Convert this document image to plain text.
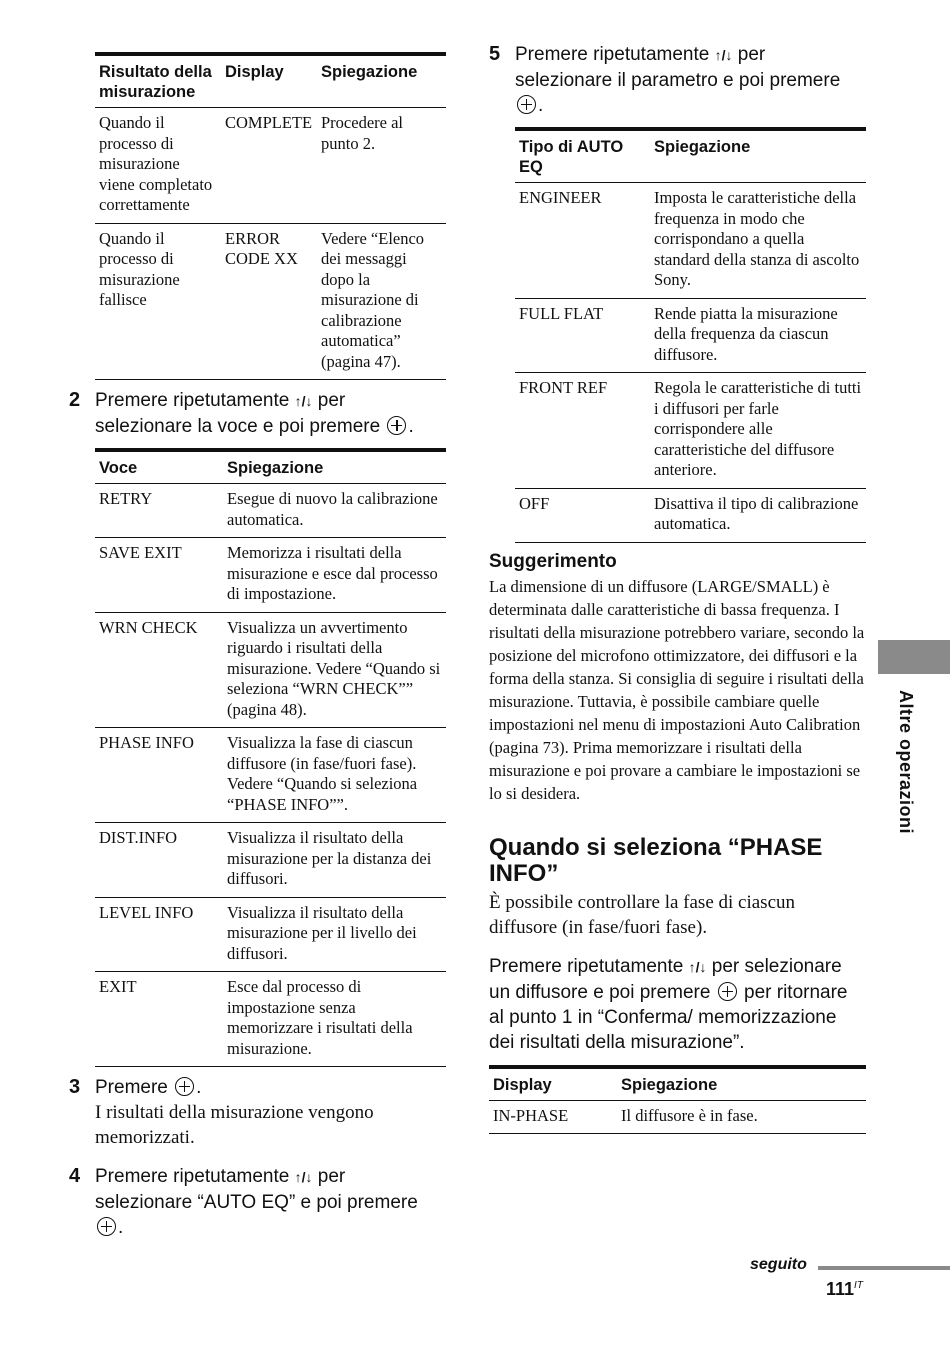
Risultato della misurazione	Display	Spiegazione
Quando il processo di misurazione viene completato correttamente	COMPLETE	Procedere al punto 2.
Quando il processo di misurazione fallisce	ERROR CODE XX	Vedere “Elenco dei messaggi dopo la misurazione di calibrazione automatica” (pagina 47).
2 Premere ripetutamente ↑/↓ per selezionare la voce e poi premere .
Voce	Spiegazione
RETRY	Esegue di nuovo la calibrazione automatica.
SAVE EXIT	Memorizza i risultati della misurazione e esce dal processo di impostazione.
WRN CHECK	Visualizza un avvertimento riguardo i risultati della misurazione. Vedere “Quando si seleziona “WRN CHECK”” (pagina 48).
PHASE INFO	Visualizza la fase di ciascun diffusore (in fase/fuori fase). Vedere “Quando si seleziona “PHASE INFO””.
DIST.INFO	Visualizza il risultato della misurazione per la distanza dei diffusori.
LEVEL INFO	Visualizza il risultato della misurazione per il livello dei diffusori.
EXIT	Esce dal processo di impostazione senza memorizzare i risultati della misurazione.
3 Premere .
I risultati della misurazione vengono memorizzati.
4 Premere ripetutamente ↑/↓ per selezionare “AUTO EQ” e poi premere .
5 Premere ripetutamente ↑/↓ per selezionare il parametro e poi premere .
Tipo di AUTO EQ	Spiegazione
ENGINEER	Imposta le caratteristiche della frequenza in modo che corrispondano a quella standard della stanza di ascolto Sony.
FULL FLAT	Rende piatta la misurazione della frequenza da ciascun diffusore.
FRONT REF	Regola le caratteristiche di tutti i diffusori per farle corrispondere alle caratteristiche del diffusore anteriore.
OFF	Disattiva il tipo di calibrazione automatica.
Suggerimento
La dimensione di un diffusore (LARGE/SMALL) è determinata dalle caratteristiche di bassa frequenza. I risultati della misurazione potrebbero variare, secondo la posizione del microfono ottimizzatore, dei diffusori e la forma della stanza. Si consiglia di seguire i risultati della misurazione. Tuttavia, è possibile cambiare quelle impostazioni nel menu di impostazioni Auto Calibration (pagina 73). Prima memorizzare i risultati della misurazione e poi provare a cambiare le impostazioni se lo si desidera.
Quando si seleziona “PHASE INFO”
È possibile controllare la fase di ciascun diffusore (in fase/fuori fase).
Premere ripetutamente ↑/↓ per selezionare un diffusore e poi premere  per ritornare al punto 1 in “Conferma/ memorizzazione dei risultati della misurazione”.
Display	Spiegazione
IN-PHASE	Il diffusore è in fase.
Altre operazioni
seguito
$111^{IT}$
